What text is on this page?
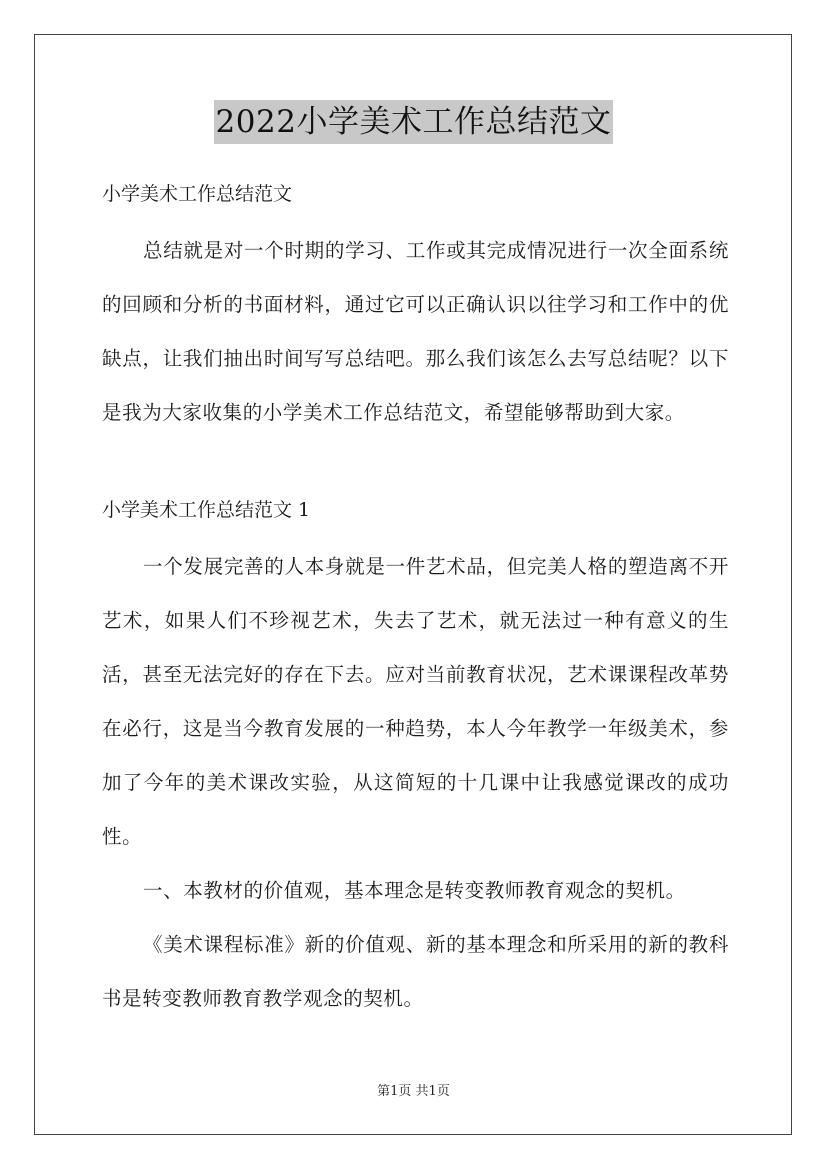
2022小学美术工作总结范文

小学美术工作总结范文

总结就是对一个时期的学习、工作或其完成情况进行一次全面系统的回顾和分析的书面材料，通过它可以正确认识以往学习和工作中的优缺点，让我们抽出时间写写总结吧。那么我们该怎么去写总结呢？以下是我为大家收集的小学美术工作总结范文，希望能够帮助到大家。

小学美术工作总结范文 1

一个发展完善的人本身就是一件艺术品，但完美人格的塑造离不开艺术，如果人们不珍视艺术，失去了艺术，就无法过一种有意义的生活，甚至无法完好的存在下去。应对当前教育状况，艺术课课程改革势在必行，这是当今教育发展的一种趋势，本人今年教学一年级美术，参加了今年的美术课改实验，从这简短的十几课中让我感觉课改的成功性。

一、本教材的价值观，基本理念是转变教师教育观念的契机。

《美术课程标准》新的价值观、新的基本理念和所采用的新的教科书是转变教师教育教学观念的契机。

第1页 共1页
